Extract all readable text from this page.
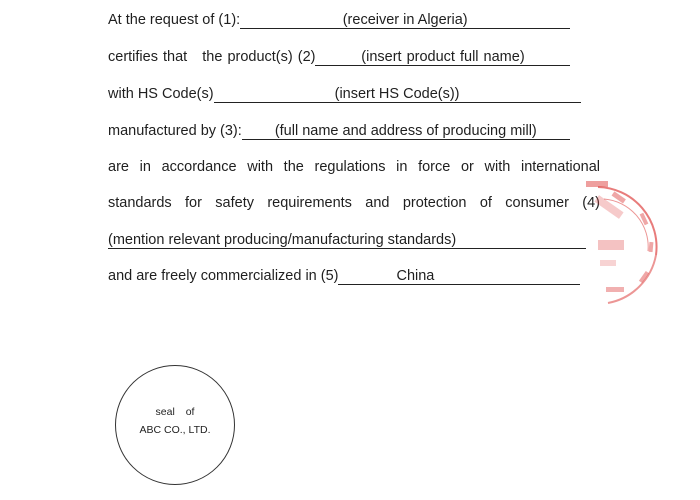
At the request of (1):	(receiver in Algeria)
certifies that   the product(s) (2)	(insert product full name)
with HS Code(s)	(insert HS Code(s))
manufactured by (3): (full name and address of producing mill)
are in accordance with the regulations in force or with international
standards for safety requirements and protection of consumer (4)
(mention relevant producing/manufacturing standards)
and are freely commercialized in (5)	China
seal of
ABC CO., LTD.
